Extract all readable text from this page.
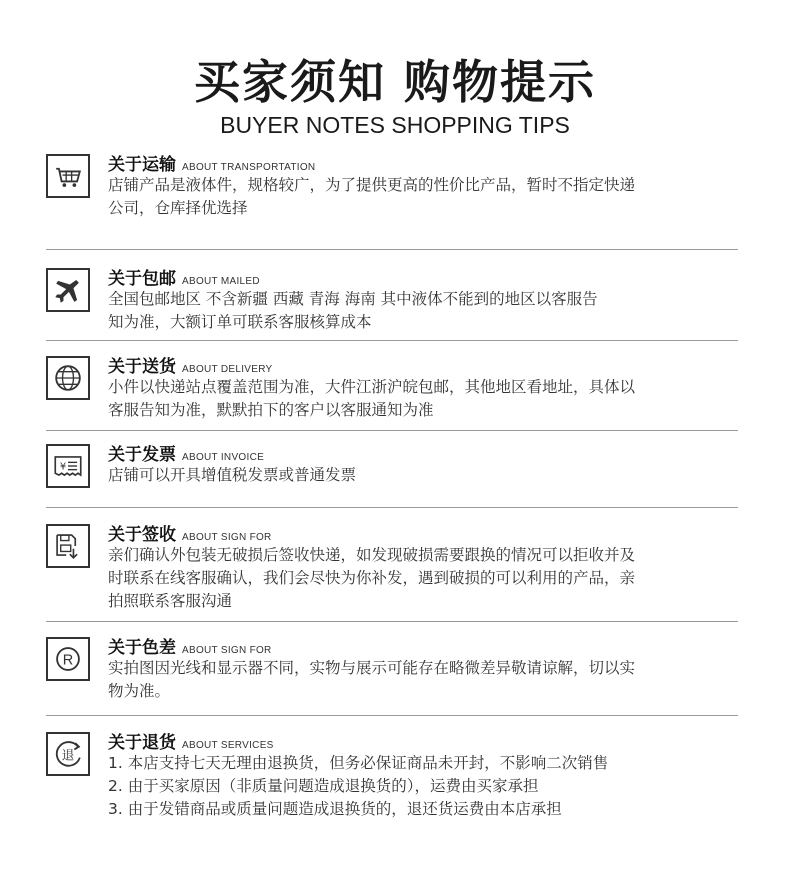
买家须知 购物提示
BUYER NOTES SHOPPING TIPS
关于运输 ABOUT TRANSPORTATION

店铺产品是液体件，规格较广，为了提供更高的性价比产品，暂时不指定快递

公司，仓库择优选择

关于包邮 ABOUT MAILED

全国包邮地区 不含新疆 西藏 青海 海南 其中液体不能到的地区以客服告

知为准，大额订单可联系客服核算成本

关于送货 ABOUT DELIVERY

小件以快递站点覆盖范围为准，大件江浙沪皖包邮，其他地区看地址，具体以

客服告知为准，默默拍下的客户以客服通知为准

¥
关于发票 ABOUT INVOICE

店铺可以开具增值税发票或普通发票

关于签收 ABOUT SIGN FOR

亲们确认外包装无破损后签收快递，如发现破损需要跟换的情况可以拒收并及

时联系在线客服确认，我们会尽快为你补发，遇到破损的可以利用的产品，亲

拍照联系客服沟通

R
关于色差 ABOUT SIGN FOR

实拍图因光线和显示器不同，实物与展示可能存在略微差异敬请谅解，切以实

物为准。

退
关于退货 ABOUT SERVICES

1. 本店支持七天无理由退换货，但务必保证商品未开封，不影响二次销售

2. 由于买家原因（非质量问题造成退换货的），运费由买家承担

3. 由于发错商品或质量问题造成退换货的，退还货运费由本店承担
